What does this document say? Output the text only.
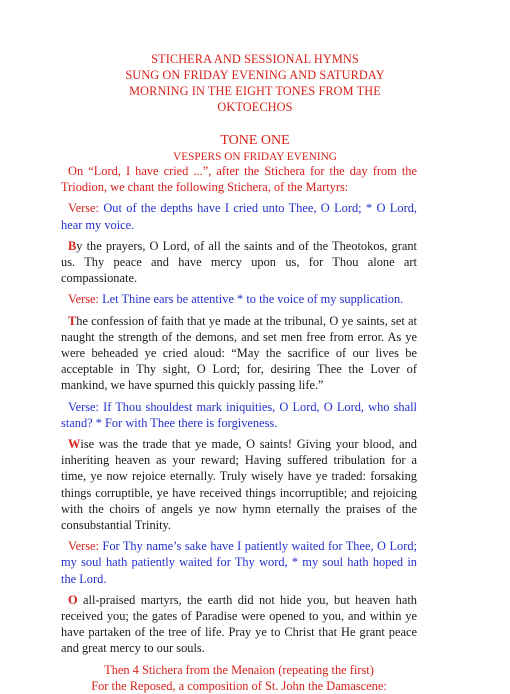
STICHERA AND SESSIONAL HYMNS
SUNG ON FRIDAY EVENING AND SATURDAY
MORNING IN THE EIGHT TONES FROM THE
OKTOECHOS
TONE ONE
VESPERS ON FRIDAY EVENING

On “Lord, I have cried ...”, after the Stichera for the day from the Triodion, we chant the following Stichera, of the Martyrs:

Verse: Out of the depths have I cried unto Thee, O Lord; * O Lord, hear my voice.

By the prayers, O Lord, of all the saints and of the Theotokos, grant us. Thy peace and have mercy upon us, for Thou alone art compassionate.

Verse: Let Thine ears be attentive * to the voice of my supplication.

The confession of faith that ye made at the tribunal, O ye saints, set at naught the strength of the demons, and set men free from error. As ye were beheaded ye cried aloud: “May the sacrifice of our lives be acceptable in Thy sight, O Lord; for, desiring Thee the Lover of mankind, we have spurned this quickly passing life.”

Verse: If Thou shouldest mark iniquities, O Lord, O Lord, who shall stand? * For with Thee there is forgiveness.

Wise was the trade that ye made, O saints! Giving your blood, and inheriting heaven as your reward; Having suffered tribulation for a time, ye now rejoice eternally. Truly wisely have ye traded: forsaking things corruptible, ye have received things incorruptible; and rejoicing with the choirs of angels ye now hymn eternally the praises of the consubstantial Trinity.

Verse: For Thy name’s sake have I patiently waited for Thee, O Lord; my soul hath patiently waited for Thy word, * my soul hath hoped in the Lord.

O all-praised martyrs, the earth did not hide you, but heaven hath received you; the gates of Paradise were opened to you, and within ye have partaken of the tree of life. Pray ye to Christ that He grant peace and great mercy to our souls.

Then 4 Stichera from the Menaion (repeating the first)

For the Reposed, a composition of St. John the Damascene:
